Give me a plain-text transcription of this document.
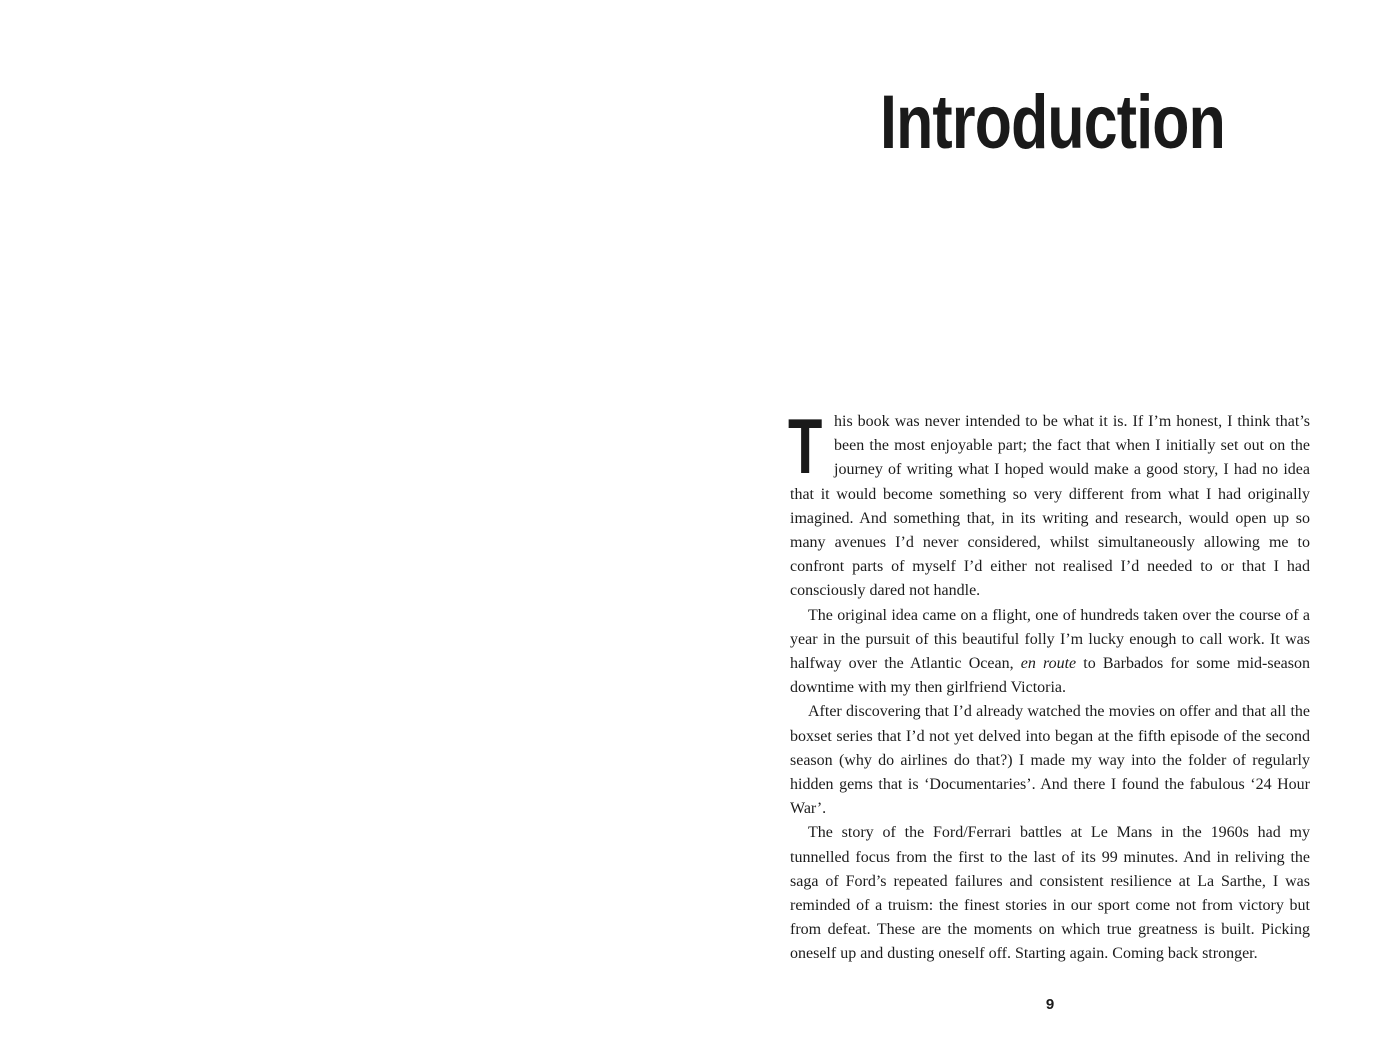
Introduction

This book was never intended to be what it is. If I’m honest, I think that’s been the most enjoyable part; the fact that when I initially set out on the journey of writing what I hoped would make a good story, I had no idea that it would become something so very different from what I had originally imagined. And something that, in its writing and research, would open up so many avenues I’d never considered, whilst simultaneously allowing me to confront parts of myself I’d either not realised I’d needed to or that I had consciously dared not handle.

The original idea came on a flight, one of hundreds taken over the course of a year in the pursuit of this beautiful folly I’m lucky enough to call work. It was halfway over the Atlantic Ocean, en route to Barbados for some mid-season downtime with my then girlfriend Victoria.

After discovering that I’d already watched the movies on offer and that all the boxset series that I’d not yet delved into began at the fifth episode of the second season (why do airlines do that?) I made my way into the folder of regularly hidden gems that is ‘Documentaries’. And there I found the fabulous ‘24 Hour War’.

The story of the Ford/Ferrari battles at Le Mans in the 1960s had my tunnelled focus from the first to the last of its 99 minutes. And in reliving the saga of Ford’s repeated failures and consistent resilience at La Sarthe, I was reminded of a truism: the finest stories in our sport come not from victory but from defeat. These are the moments on which true greatness is built. Picking oneself up and dusting oneself off. Starting again. Coming back stronger.

9
